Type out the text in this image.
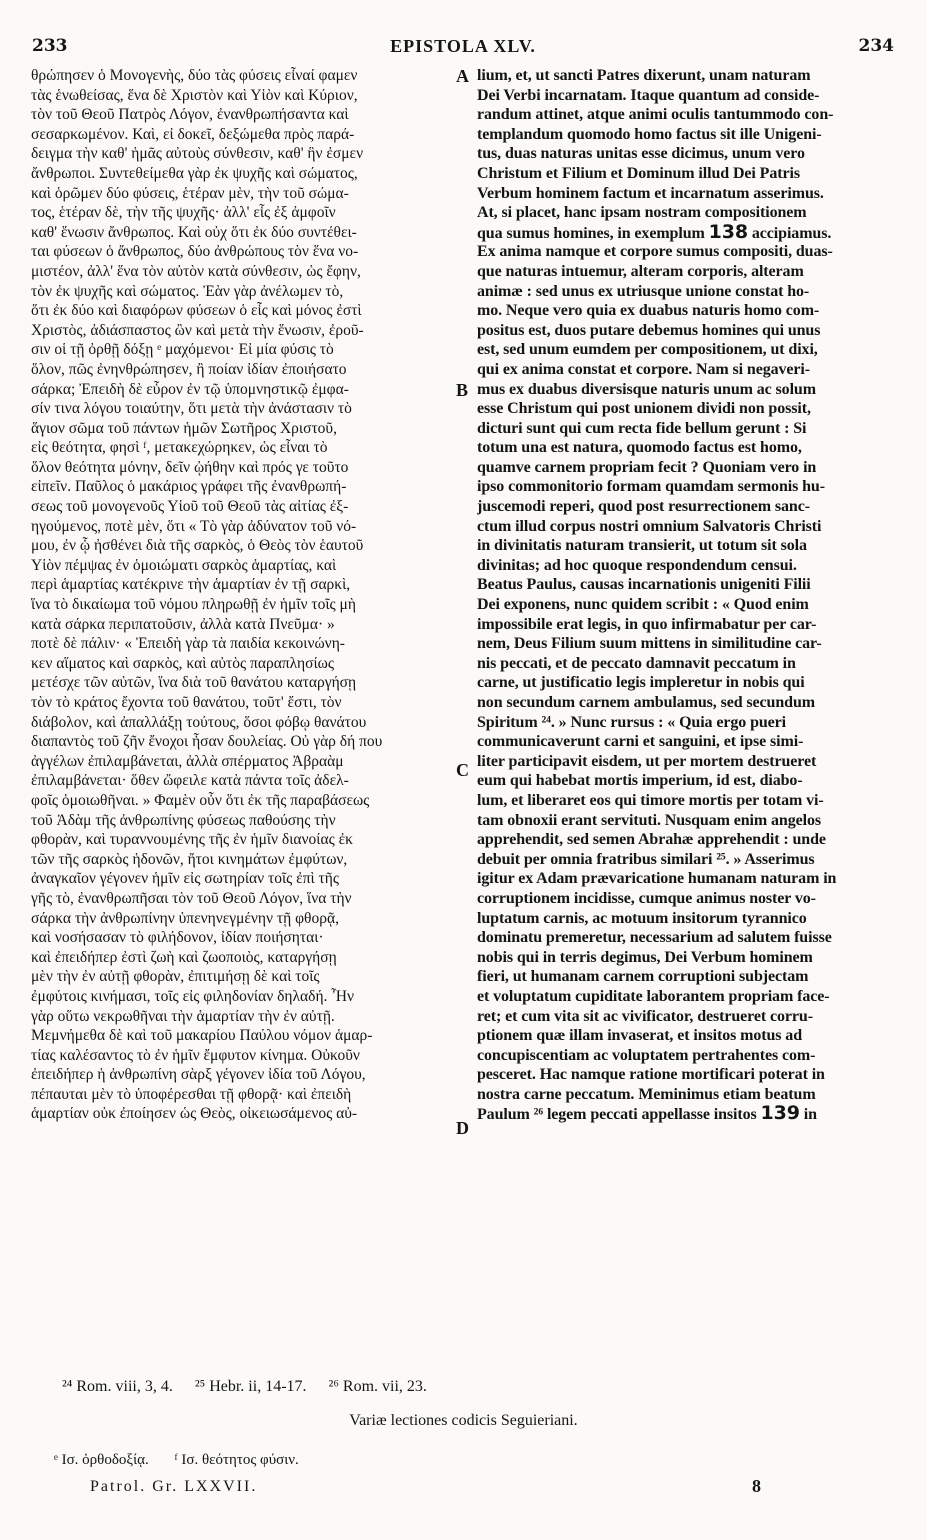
233	EPISTOLA XLV.	234
θρώπησεν ὁ Μονογενὴς, δύο τὰς φύσεις εἶναί φαμεν
τὰς ἑνωθείσας, ἕνα δὲ Χριστὸν καὶ Υἱὸν καὶ Κύριον,
τὸν τοῦ Θεοῦ Πατρὸς Λόγον, ἐνανθρωπήσαντα καὶ
σεσαρκωμένον. Καὶ, εἰ δοκεῖ, δεξώμεθα πρὸς παρά-
δειγμα τὴν καθ' ἡμᾶς αὐτοὺς σύνθεσιν, καθ' ἣν ἐσμεν
ἄνθρωποι. Συντεθείμεθα γὰρ ἐκ ψυχῆς καὶ σώματος,
καὶ ὁρῶμεν δύο φύσεις, ἑτέραν μὲν, τὴν τοῦ σώμα-
τος, ἑτέραν δὲ, τὴν τῆς ψυχῆς· ἀλλ' εἷς ἐξ ἀμφοῖν
καθ' ἕνωσιν ἄνθρωπος. Καὶ οὐχ ὅτι ἐκ δύο συντέθει-
ται φύσεων ὁ ἄνθρωπος, δύο ἀνθρώπους τὸν ἕνα νο-
μιστέον, ἀλλ' ἕνα τὸν αὐτὸν κατὰ σύνθεσιν, ὡς ἔφην,
τὸν ἐκ ψυχῆς καὶ σώματος. Ἐὰν γὰρ ἀνέλωμεν τὸ,
ὅτι ἐκ δύο καὶ διαφόρων φύσεων ὁ εἷς καὶ μόνος ἐστὶ
Χριστὸς, ἀδιάσπαστος ὢν καὶ μετὰ τὴν ἕνωσιν, ἐροῦ-
σιν οἱ τῇ ὀρθῇ δόξῃ ᵉ μαχόμενοι· Εἰ μία φύσις τὸ
ὅλον, πῶς ἐνηνθρώπησεν, ἢ ποίαν ἰδίαν ἐποιήσατο
σάρκα; Ἐπειδὴ δὲ εὗρον ἐν τῷ ὑπομνηστικῷ ἐμφα-
σίν τινα λόγου τοιαύτην, ὅτι μετὰ τὴν ἀνάστασιν τὸ
ἅγιον σῶμα τοῦ πάντων ἡμῶν Σωτῆρος Χριστοῦ,
εἰς θεότητα, φησὶ ᶠ, μετακεχώρηκεν, ὡς εἶναι τὸ
ὅλον θεότητα μόνην, δεῖν ᾠήθην καὶ πρός γε τοῦτο
εἰπεῖν. Παῦλος ὁ μακάριος γράφει τῆς ἐνανθρωπή-
σεως τοῦ μονογενοῦς Υἱοῦ τοῦ Θεοῦ τὰς αἰτίας ἐξ-
ηγούμενος, ποτὲ μὲν, ὅτι « Τὸ γὰρ ἀδύνατον τοῦ νό-
μου, ἐν ᾧ ἠσθένει διὰ τῆς σαρκὸς, ὁ Θεὸς τὸν ἑαυτοῦ
Υἱὸν πέμψας ἐν ὁμοιώματι σαρκὸς ἁμαρτίας, καὶ
περὶ ἁμαρτίας κατέκρινε τὴν ἁμαρτίαν ἐν τῇ σαρκὶ,
ἵνα τὸ δικαίωμα τοῦ νόμου πληρωθῇ ἐν ἡμῖν τοῖς μὴ
κατὰ σάρκα περιπατοῦσιν, ἀλλὰ κατὰ Πνεῦμα· »
ποτὲ δὲ πάλιν· « Ἐπειδὴ γὰρ τὰ παιδία κεκοινώνη-
κεν αἵματος καὶ σαρκὸς, καὶ αὐτὸς παραπλησίως
μετέσχε τῶν αὐτῶν, ἵνα διὰ τοῦ θανάτου καταργήσῃ
τὸν τὸ κράτος ἔχοντα τοῦ θανάτου, τοῦτ' ἔστι, τὸν
διάβολον, καὶ ἀπαλλάξῃ τούτους, ὅσοι φόβῳ θανάτου
διαπαντὸς τοῦ ζῆν ἔνοχοι ἦσαν δουλείας. Οὐ γὰρ δή που
ἀγγέλων ἐπιλαμβάνεται, ἀλλὰ σπέρματος Ἀβραὰμ
ἐπιλαμβάνεται· ὅθεν ὤφειλε κατὰ πάντα τοῖς ἀδελ-
φοῖς ὁμοιωθῆναι. » Φαμὲν οὖν ὅτι ἐκ τῆς παραβάσεως
τοῦ Ἀδὰμ τῆς ἀνθρωπίνης φύσεως παθούσης τὴν
φθορὰν, καὶ τυραννουμένης τῆς ἐν ἡμῖν διανοίας ἐκ
τῶν τῆς σαρκὸς ἡδονῶν, ἤτοι κινημάτων ἐμφύτων,
ἀναγκαῖον γέγονεν ἡμῖν εἰς σωτηρίαν τοῖς ἐπὶ τῆς
γῆς τὸ, ἐνανθρωπῆσαι τὸν τοῦ Θεοῦ Λόγον, ἵνα τὴν
σάρκα τὴν ἀνθρωπίνην ὑπενηνεγμένην τῇ φθορᾷ,
καὶ νοσήσασαν τὸ φιλήδονον, ἰδίαν ποιήσηται·
καὶ ἐπειδήπερ ἐστὶ ζωὴ καὶ ζωοποιὸς, καταργήσῃ
μὲν τὴν ἐν αὐτῇ φθορὰν, ἐπιτιμήσῃ δὲ καὶ τοῖς
ἐμφύτοις κινήμασι, τοῖς εἰς φιληδονίαν δηλαδή. Ἦν
γὰρ οὕτω νεκρωθῆναι τὴν ἁμαρτίαν τὴν ἐν αὐτῇ.
Μεμνήμεθα δὲ καὶ τοῦ μακαρίου Παύλου νόμον ἁμαρ-
τίας καλέσαντος τὸ ἐν ἡμῖν ἔμφυτον κίνημα. Οὐκοῦν
ἐπειδήπερ ἡ ἀνθρωπίνη σὰρξ γέγονεν ἰδία τοῦ Λόγου,
πέπαυται μὲν τὸ ὑποφέρεσθαι τῇ φθορᾷ· καὶ ἐπειδὴ
ἁμαρτίαν οὐκ ἐποίησεν ὡς Θεὸς, οἰκειωσάμενος αὐ-
lium, et, ut sancti Patres dixerunt, unam naturam
Dei Verbi incarnatam. Itaque quantum ad conside-
randum attinet, atque animi oculis tantummodo con-
templandum quomodo homo factus sit ille Unigeni-
tus, duas naturas unitas esse dicimus, unum vero
Christum et Filium et Dominum illud Dei Patris
Verbum hominem factum et incarnatum asserimus.
At, si placet, hanc ipsam nostram compositionem
qua sumus homines, in exemplum 138 accipiamus.
Ex anima namque et corpore sumus compositi, duas-
que naturas intuemur, alteram corporis, alteram
animæ : sed unus ex utriusque unione constat ho-
mo. Neque vero quia ex duabus naturis homo com-
positus est, duos putare debemus homines qui unus
est, sed unum eumdem per compositionem, ut dixi,
qui ex anima constat et corpore. Nam si negaveri-
mus ex duabus diversisque naturis unum ac solum
esse Christum qui post unionem dividi non possit,
dicturi sunt qui cum recta fide bellum gerunt : Si
totum una est natura, quomodo factus est homo,
quamve carnem propriam fecit ? Quoniam vero in
ipso commonitorio formam quamdam sermonis hu-
juscemodi reperi, quod post resurrectionem sanc-
ctum illud corpus nostri omnium Salvatoris Christi
in divinitatis naturam transierit, ut totum sit sola
divinitas; ad hoc quoque respondendum censui.
Beatus Paulus, causas incarnationis unigeniti Filii
Dei exponens, nunc quidem scribit : « Quod enim
impossibile erat legis, in quo infirmabatur per car-
nem, Deus Filium suum mittens in similitudine car-
nis peccati, et de peccato damnavit peccatum in
carne, ut justificatio legis impleretur in nobis qui
non secundum carnem ambulamus, sed secundum
Spiritum ²⁴. » Nunc rursus : « Quia ergo pueri
communicaverunt carni et sanguini, et ipse simi-
liter participavit eisdem, ut per mortem destrueret
eum qui habebat mortis imperium, id est, diabo-
lum, et liberaret eos qui timore mortis per totam vi-
tam obnoxii erant servituti. Nusquam enim angelos
apprehendit, sed semen Abrahæ apprehendit : unde
debuit per omnia fratribus similari ²⁵. » Asserimus
igitur ex Adam prævaricatione humanam naturam in
corruptionem incidisse, cumque animus noster vo-
luptatum carnis, ac motuum insitorum tyrannico
dominatu premeretur, necessarium ad salutem fuisse
nobis qui in terris degimus, Dei Verbum hominem
fieri, ut humanam carnem corruptioni subjectam
et voluptatum cupiditate laborantem propriam face-
ret; et cum vita sit ac vivificator, destrueret corru-
ptionem quæ illam invaserat, et insitos motus ad
concupiscentiam ac voluptatem pertrahentes com-
pesceret. Hac namque ratione mortificari poterat in
nostra carne peccatum. Meminimus etiam beatum
Paulum ²⁶ legem peccati appellasse insitos 139 in
A
B
C
D
²⁴ Rom. viii, 3, 4. ²⁵ Hebr. ii, 14-17. ²⁶ Rom. vii, 23.
Variæ lectiones codicis Seguieriani.
ᵉ Ισ. ὀρθοδοξίᾳ. ᶠ Ισ. θεότητος φύσιν.
Patrol. Gr. LXXVII.	8
